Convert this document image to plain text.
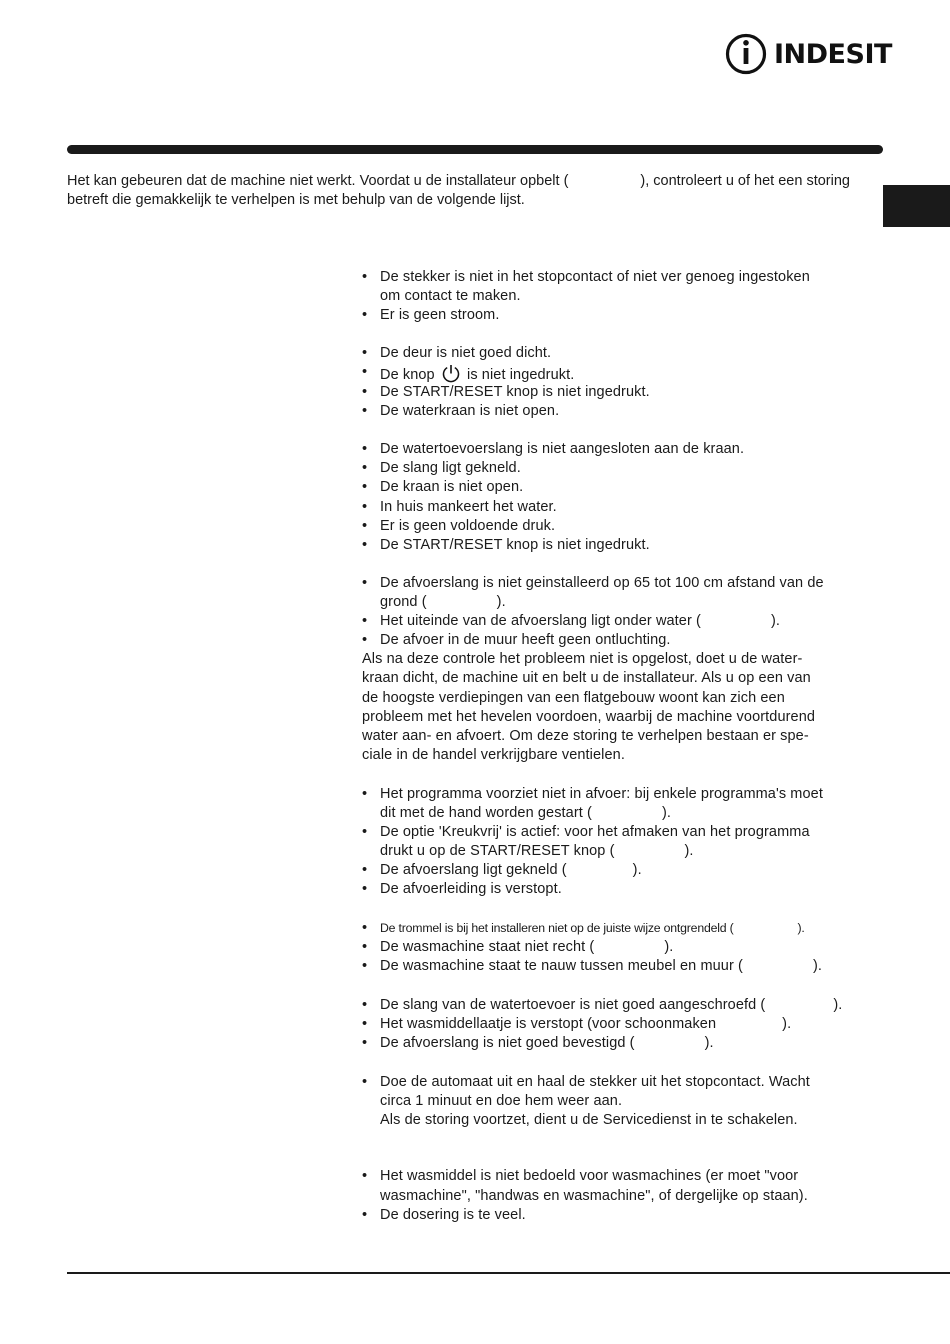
INDESIT
Het kan gebeuren dat de machine niet werkt. Voordat u de installateur opbelt (	), controleert u of het een storing betreft die gemakkelijk te verhelpen is met behulp van de volgende lijst.
• De stekker is niet in het stopcontact of niet ver genoeg ingestoken
om contact te maken.
• Er is geen stroom.
• De deur is niet goed dicht.
• De knop is niet ingedrukt.
• De START/RESET knop is niet ingedrukt.
• De waterkraan is niet open.
• De watertoevoerslang is niet aangesloten aan de kraan.
• De slang ligt gekneld.
• De kraan is niet open.
• In huis mankeert het water.
• Er is geen voldoende druk.
• De START/RESET knop is niet ingedrukt.
• De afvoerslang is niet geinstalleerd op 65 tot 100 cm afstand van de
grond (	).
• Het uiteinde van de afvoerslang ligt onder water (	).
• De afvoer in de muur heeft geen ontluchting.
Als na deze controle het probleem niet is opgelost, doet u de water-
kraan dicht, de machine uit en belt u de installateur. Als u op een van
de hoogste verdiepingen van een flatgebouw woont kan zich een
probleem met het hevelen voordoen, waarbij de machine voortdurend
water aan- en afvoert. Om deze storing te verhelpen bestaan er spe-
ciale in de handel verkrijgbare ventielen.
• Het programma voorziet niet in afvoer: bij enkele programma's moet
dit met de hand worden gestart (	).
• De optie 'Kreukvrij' is actief: voor het afmaken van het programma
drukt u op de START/RESET knop (	).
• De afvoerslang ligt gekneld (	).
• De afvoerleiding is verstopt.
• De trommel is bij het installeren niet op de juiste wijze ontgrendeld (	).
• De wasmachine staat niet recht (	).
• De wasmachine staat te nauw tussen meubel en muur (	).
• De slang van de watertoevoer is niet goed aangeschroefd (	).
• Het wasmiddellaatje is verstopt (voor schoonmaken	).
• De afvoerslang is niet goed bevestigd (	).
• Doe de automaat uit en haal de stekker uit het stopcontact. Wacht
circa 1 minuut en doe hem weer aan.
Als de storing voortzet, dient u de Servicedienst in te schakelen.
• Het wasmiddel is niet bedoeld voor wasmachines (er moet "voor
wasmachine", "handwas en wasmachine", of dergelijke op staan).
• De dosering is te veel.
